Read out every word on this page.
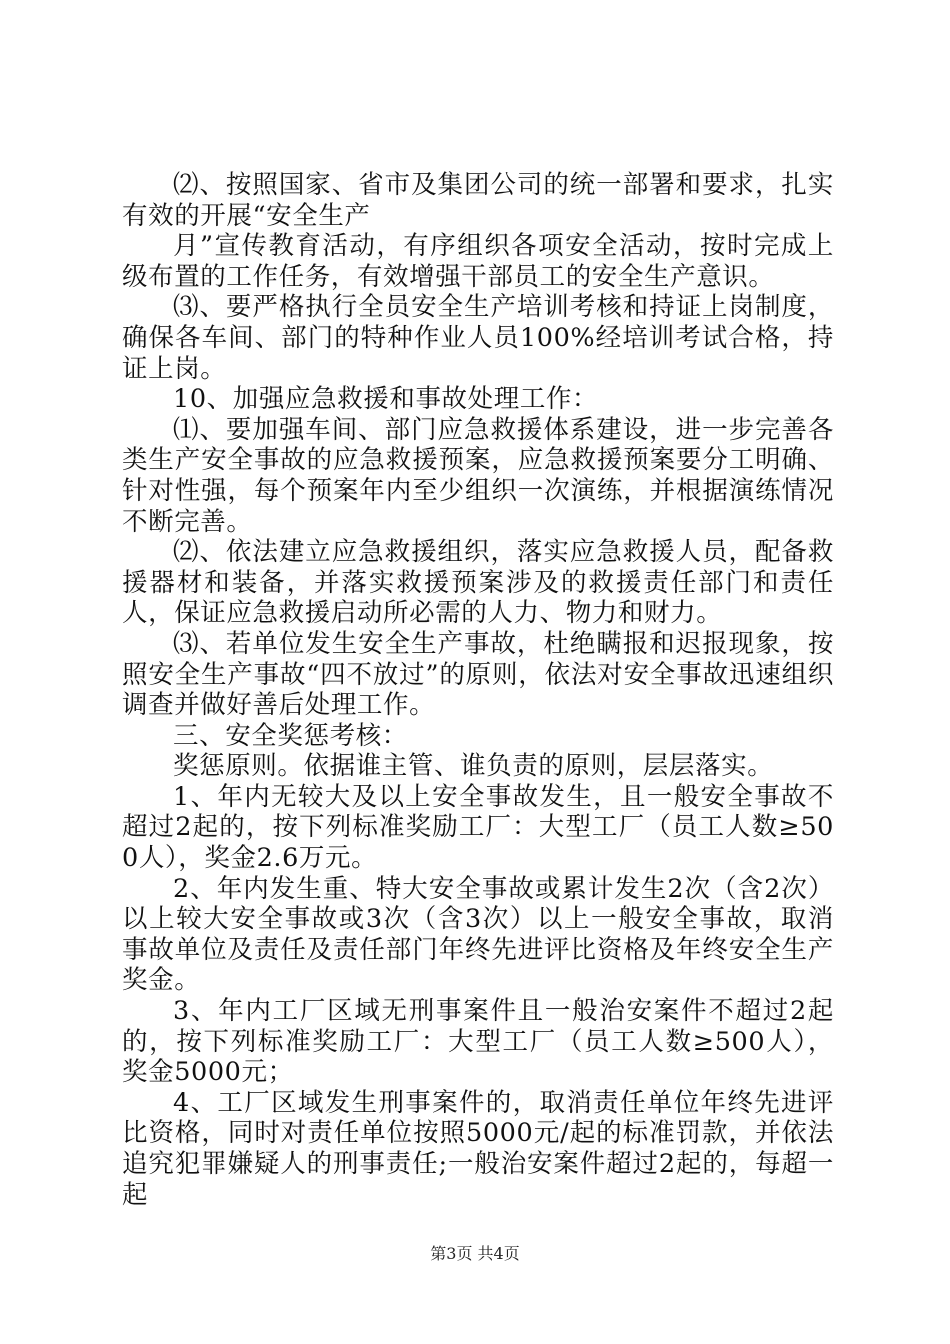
⑵、按照国家、省市及集团公司的统一部署和要求，扎实有效的开展“安全生产

月”宣传教育活动，有序组织各项安全活动，按时完成上级布置的工作任务，有效增强干部员工的安全生产意识。

⑶、要严格执行全员安全生产培训考核和持证上岗制度，确保各车间、部门的特种作业人员100%经培训考试合格，持证上岗。

10、加强应急救援和事故处理工作：

⑴、要加强车间、部门应急救援体系建设，进一步完善各类生产安全事故的应急救援预案，应急救援预案要分工明确、针对性强，每个预案年内至少组织一次演练，并根据演练情况不断完善。

⑵、依法建立应急救援组织，落实应急救援人员，配备救援器材和装备，并落实救援预案涉及的救援责任部门和责任人，保证应急救援启动所必需的人力、物力和财力。

⑶、若单位发生安全生产事故，杜绝瞒报和迟报现象，按照安全生产事故“四不放过”的原则，依法对安全事故迅速组织调查并做好善后处理工作。

三、安全奖惩考核：

奖惩原则。依据谁主管、谁负责的原则，层层落实。

1、年内无较大及以上安全事故发生，且一般安全事故不超过2起的，按下列标准奖励工厂：大型工厂（员工人数≥500人），奖金2.6万元。

2、年内发生重、特大安全事故或累计发生2次（含2次）以上较大安全事故或3次（含3次）以上一般安全事故，取消事故单位及责任及责任部门年终先进评比资格及年终安全生产奖金。

3、年内工厂区域无刑事案件且一般治安案件不超过2起的，按下列标准奖励工厂：大型工厂（员工人数≥500人），奖金5000元；

4、工厂区域发生刑事案件的，取消责任单位年终先进评比资格，同时对责任单位按照5000元/起的标准罚款，并依法追究犯罪嫌疑人的刑事责任;一般治安案件超过2起的，每超一起

第3页 共4页
